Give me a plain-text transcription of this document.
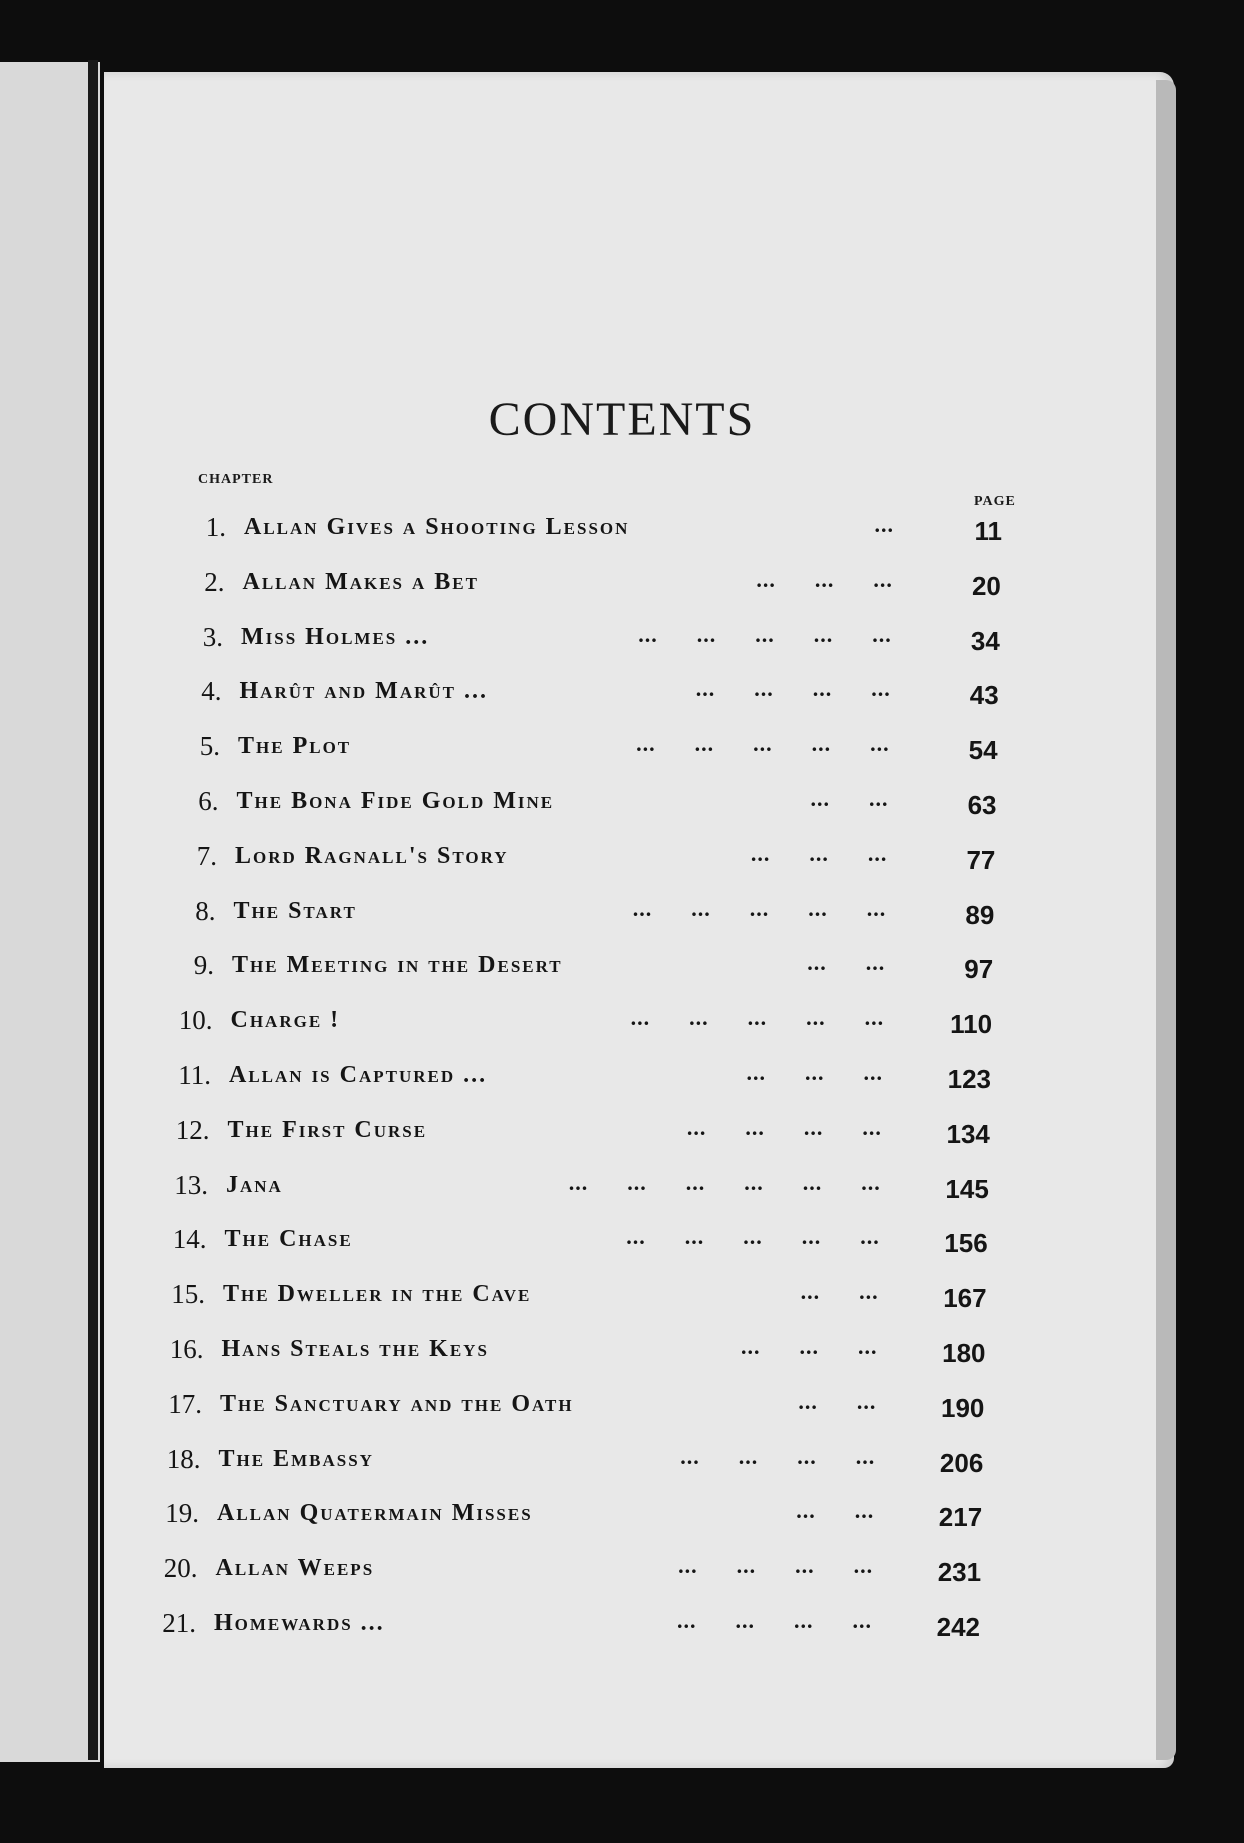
CONTENTS
CHAPTER
PAGE
1. Allan Gives a Shooting Lesson	...	11
2. Allan Makes a Bet	...      ...      ...	20
3. Miss Holmes ...	...      ...      ...      ...      ...	34
4. Harût and Marût ...	...      ...      ...      ...	43
5. The Plot	...      ...      ...      ...      ...	54
6. The Bona Fide Gold Mine	...      ...	63
7. Lord Ragnall's Story	...      ...      ...	77
8. The Start	...      ...      ...      ...      ...	89
9. The Meeting in the Desert	...      ...	97
10. Charge !	...      ...      ...      ...      ...	110
11. Allan is Captured ...	...      ...      ...	123
12. The First Curse	...      ...      ...      ...	134
13. Jana	...      ...      ...      ...      ...      ...	145
14. The Chase	...      ...      ...      ...      ...	156
15. The Dweller in the Cave	...      ...	167
16. Hans Steals the Keys	...      ...      ...	180
17. The Sanctuary and the Oath	...      ...	190
18. The Embassy	...      ...      ...      ...	206
19. Allan Quatermain Misses	...      ...	217
20. Allan Weeps	...      ...      ...      ...	231
21. Homewards ...	...      ...      ...      ...	242
